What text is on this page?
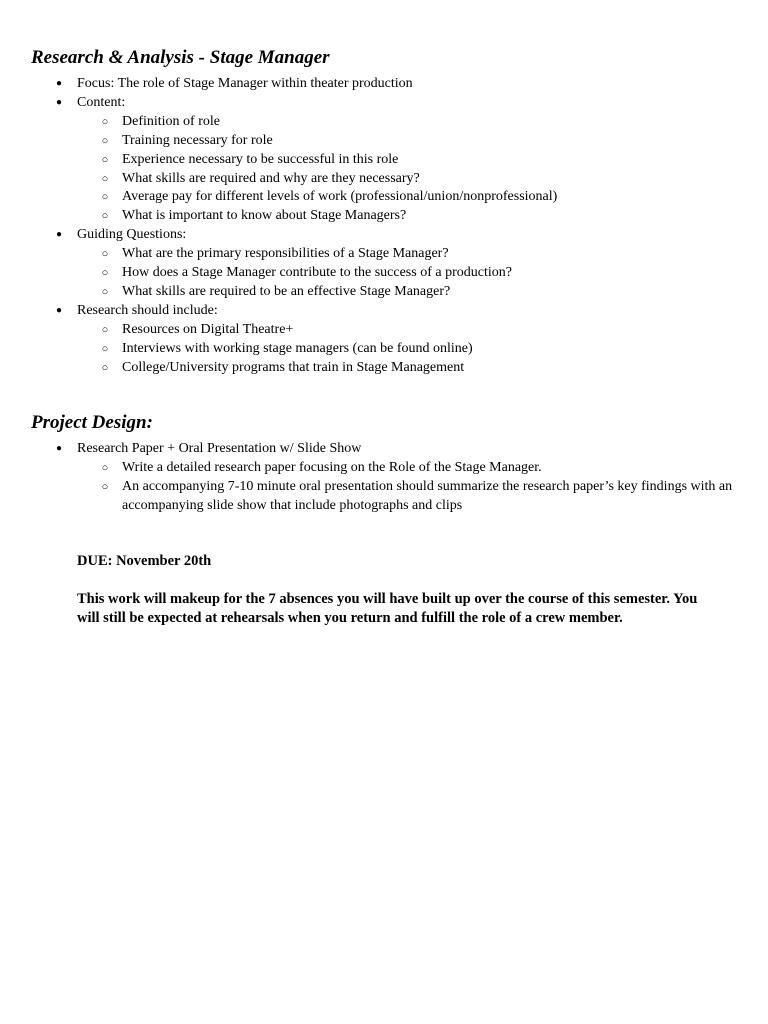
Research & Analysis - Stage Manager
● Focus: The role of Stage Manager within theater production
● Content:
○ Definition of role
○ Training necessary for role
○ Experience necessary to be successful in this role
○ What skills are required and why are they necessary?
○ Average pay for different levels of work (professional/union/nonprofessional)
○ What is important to know about Stage Managers?
● Guiding Questions:
○ What are the primary responsibilities of a Stage Manager?
○ How does a Stage Manager contribute to the success of a production?
○ What skills are required to be an effective Stage Manager?
● Research should include:
○ Resources on Digital Theatre+
○ Interviews with working stage managers (can be found online)
○ College/University programs that train in Stage Management
Project Design:
● Research Paper + Oral Presentation w/ Slide Show
○ Write a detailed research paper focusing on the Role of the Stage Manager.
○ An accompanying 7-10 minute oral presentation should summarize the research paper’s key findings with an accompanying slide show that include photographs and clips
DUE: November 20th
This work will makeup for the 7 absences you will have built up over the course of this semester. You will still be expected at rehearsals when you return and fulfill the role of a crew member.
